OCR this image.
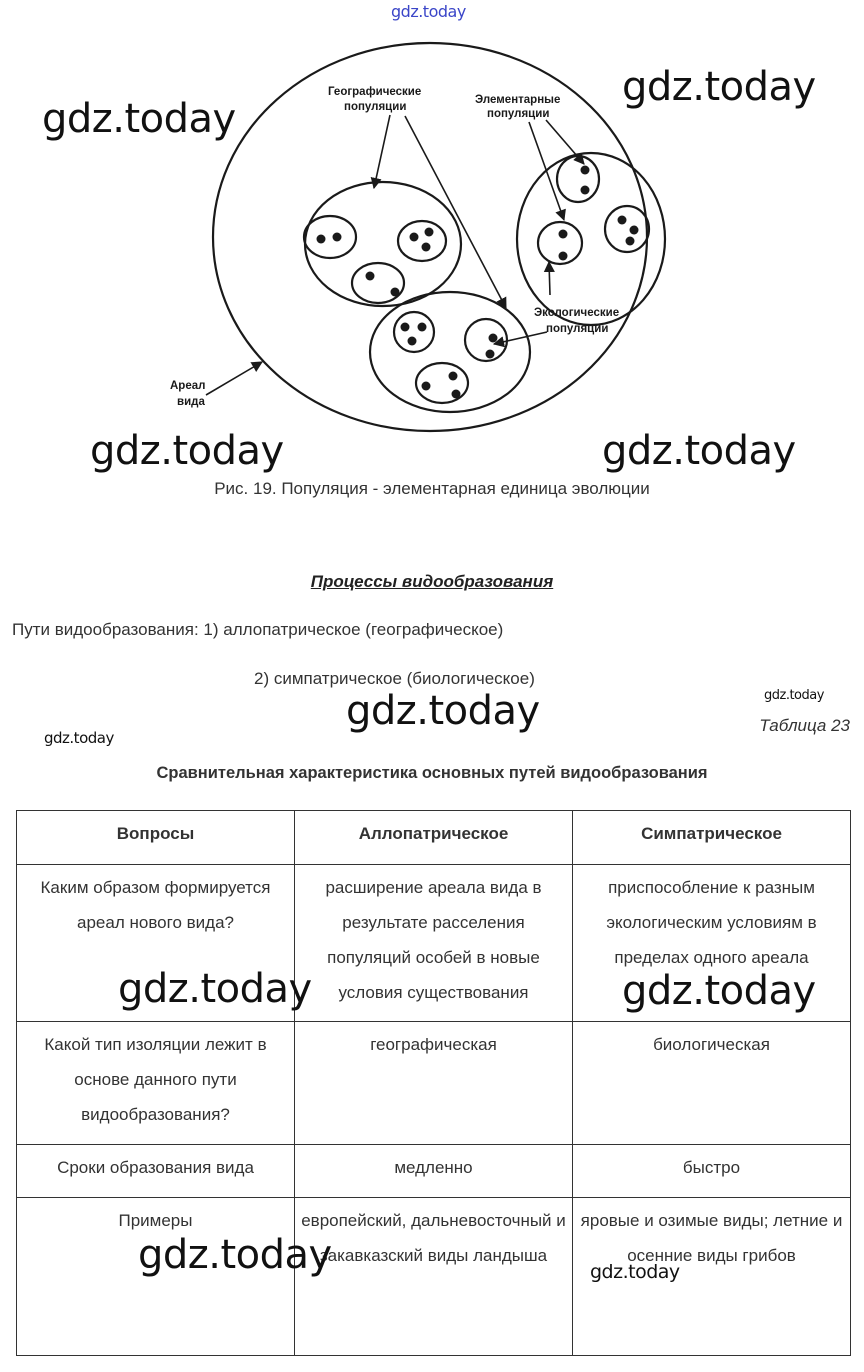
gdz.today
gdz.today
gdz.today
gdz.today	gdz.today
gdz.today	gdz.today
gdz.today
Географические
популяции
Элементарные
популяции
Экологические
популяции
Ареал
вида
Рис. 19. Популяция - элементарная единица эволюции
Процессы видообразования
Пути видообразования: 1) аллопатрическое (географическое)
2) симпатрическое (биологическое)
Таблица 23
Сравнительная характеристика основных путей видообразования
Вопросы	Аллопатрическое	Симпатрическое
Каким образом формируется ареал нового вида?	расширение ареала вида в результате расселения популяций особей в новые условия существования	приспособление к разным экологическим условиям в пределах одного ареала
Какой тип изоляции лежит в основе данного пути видообразования?	географическая	биологическая
Сроки образования вида	медленно	быстро
Примеры	европейский, дальневосточный и закавказский виды ландыша	яровые и озимые виды; летние и осенние виды грибов
gdz.today	gdz.today
gdz.today	gdz.today
